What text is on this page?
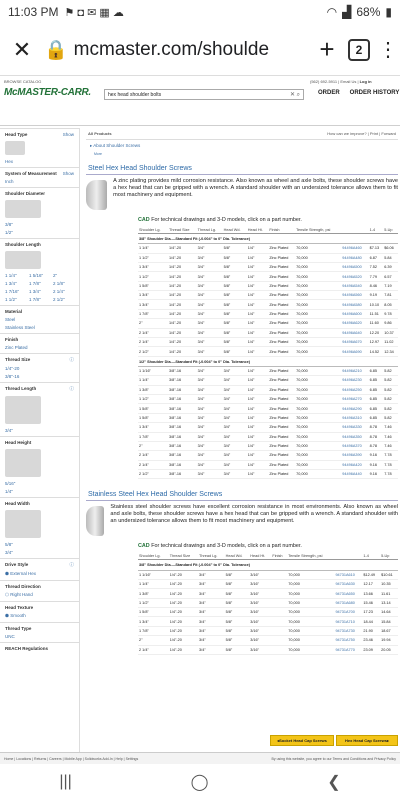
11:03 PM ⚑ ◘ ✉ ▦ ☁	◠ ▟ 68% ▮
✕ 🔒 mcmaster.com/shoulde +	2 ⋮
BROWSE CATALOG
McMASTER-CARR.	hex head shoulder bolts	✕ ⌕
(562) 692-5911 | Email Us | Log in
ORDER ORDER HISTORY
Head Type	Show
Hex
System of Measurement Show
Inch
Shoulder Diameter
3/8"
1/2"
Shoulder Length
1 1/4"	1 5/16"	2"
1 3/4"	1 7/8"	2 1/8"
1 7/16"	1 3/4"	2 1/4"
1 1/2"	1 7/8"	2 1/2"
Material
Steel
Stainless Steel
Finish
Zinc Plated
Thread Size	ⓘ
1/4"-20
3/8"-16
Thread Length	ⓘ
3/4"
Head Height
5/16"
1/4"
Head Width
5/8"
3/4"
Drive Style	ⓘ
⬢ External Hex
Thread Direction
⬡ Right Hand
Head Texture
⬢ Smooth
Thread Type
UNC
REACH Regulations
All Products	How can we improve? | Print | Forward
▸ About Shoulder Screws
More
Steel Hex Head Shoulder Screws
A zinc plating provides mild corrosion resistance. Also known as wheel and axle bolts, these shoulder screws have a hex head that can be gripped with a wrench. A standard shoulder with an undersized tolerance allows them to fit most machinery and equipment.
CAD For technical drawings and 3-D models, click on a part number.
Shoulder Lg.	Thread Size	Thread Lg.	Head Wd.	Head Ht.	Finish	Tensile Strength, psi		1-4	5-Up
3/8" Shoulder Dia.—Standard Fit (-0.004" to 0" Dia. Tolerance)									
1 1/4"	1/4"-20	3/4"	5/8"	1/4"	Zinc Plated	70,000	94496A460	$7.13	$6.06
1 1/2"	1/4"-20	3/4"	5/8"	1/4"	Zinc Plated	70,000	94496A480	6.87	5.84
1 3/4"	1/4"-20	3/4"	5/8"	1/4"	Zinc Plated	70,000	94496A500	7.52	6.39
1 1/2"	1/4"-20	3/4"	5/8"	1/4"	Zinc Plated	70,000	94496A520	7.79	6.57
1 5/8"	1/4"-20	3/4"	5/8"	1/4"	Zinc Plated	70,000	94496A540	8.46	7.19
1 3/4"	1/4"-20	3/4"	5/8"	1/4"	Zinc Plated	70,000	94496A560	9.19	7.81
1 3/4"	1/4"-20	3/4"	5/8"	1/4"	Zinc Plated	70,000	94496A580	10.10	8.05
1 7/8"	1/4"-20	3/4"	5/8"	1/4"	Zinc Plated	70,000	94496A600	11.51	9.78
2"	1/4"-20	3/4"	5/8"	1/4"	Zinc Plated	70,000	94496A620	11.60	9.86
2 1/4"	1/4"-20	3/4"	5/8"	1/4"	Zinc Plated	70,000	94496A640	12.20	10.37
2 1/4"	1/4"-20	3/4"	5/8"	1/4"	Zinc Plated	70,000	94496A670	12.97	11.02
2 1/2"	1/4"-20	3/4"	5/8"	1/4"	Zinc Plated	70,000	94496A690	14.52	12.34
1/2" Shoulder Dia.—Standard Fit (-0.004" to 0" Dia. Tolerance)									
1 1/16"	3/8"-16	3/4"	3/4"	1/4"	Zinc Plated	70,000	94496A210	6.85	5.82
1 1/4"	3/8"-16	3/4"	3/4"	1/4"	Zinc Plated	70,000	94496A230	6.85	5.82
1 3/8"	3/8"-16	3/4"	3/4"	1/4"	Zinc Plated	70,000	94496A250	6.85	5.82
1 1/2"	3/8"-16	3/4"	3/4"	1/4"	Zinc Plated	70,000	94496A270	6.85	5.82
1 5/8"	3/8"-16	3/4"	3/4"	1/4"	Zinc Plated	70,000	94496A290	6.85	5.82
1 5/8"	3/8"-16	3/4"	3/4"	1/4"	Zinc Plated	70,000	94496A310	6.85	5.82
1 3/4"	3/8"-16	3/4"	3/4"	1/4"	Zinc Plated	70,000	94496A330	8.78	7.46
1 7/8"	3/8"-16	3/4"	3/4"	1/4"	Zinc Plated	70,000	94496A350	8.78	7.46
2"	3/8"-16	3/4"	3/4"	1/4"	Zinc Plated	70,000	94496A370	8.78	7.46
2 1/4"	3/8"-16	3/4"	3/4"	1/4"	Zinc Plated	70,000	94496A390	9.16	7.78
2 1/4"	3/8"-16	3/4"	3/4"	1/4"	Zinc Plated	70,000	94496A420	9.16	7.78
2 1/2"	3/8"-16	3/4"	3/4"	1/4"	Zinc Plated	70,000	94496A440	9.16	7.78
Stainless Steel Hex Head Shoulder Screws
Stainless steel shoulder screws have excellent corrosion resistance in most environments. Also known as wheel and axle bolts, these shoulder screws have a hex head that can be gripped with a wrench. A standard shoulder with an undersized tolerance allows them to fit most machinery and equipment.
CAD For technical drawings and 3-D models, click on a part number.
Shoulder Lg.	Thread Size	Thread Lg.	Head Wd.	Head Ht.	Finish	Tensile Strength, psi		1-4	5-Up
3/8" Shoulder Dia.—Standard Fit (-0.004" to 0" Dia. Tolerance)									
1 1/16"	1/4"-20	3/4"	5/8"	3/16"		70,000	94731A610	$12.49	$10.61
1 1/4"	1/4"-20	3/4"	5/8"	3/16"		70,000	94731A630	12.17	10.35
1 3/8"	1/4"-20	3/4"	5/8"	3/16"		70,000	94731A650	13.66	11.61
1 1/2"	1/4"-20	3/4"	5/8"	3/16"		70,000	94731A680	15.46	13.14
1 5/8"	1/4"-20	3/4"	5/8"	3/16"		70,000	94731A700	17.23	14.64
1 3/4"	1/4"-20	3/4"	5/8"	3/16"		70,000	94731A710	18.44	15.84
1 7/8"	1/4"-20	3/4"	5/8"	3/16"		70,000	94731A730	21.90	18.67
2"	1/4"-20	3/4"	5/8"	3/16"		70,000	94731A750	23.46	19.94
2 1/4"	1/4"-20	3/4"	5/8"	3/16"		70,000	94731A770	23.09	20.05
◂ Socket Head Cap Screws	Hex Head Cap Screws ▸
Home | Locations | Returns | Careers | Mobile App | Solidworks Add-In | Help | Settings	By using this website, you agree to our Terms and Conditions and Privacy Policy
|||	◯	❮
